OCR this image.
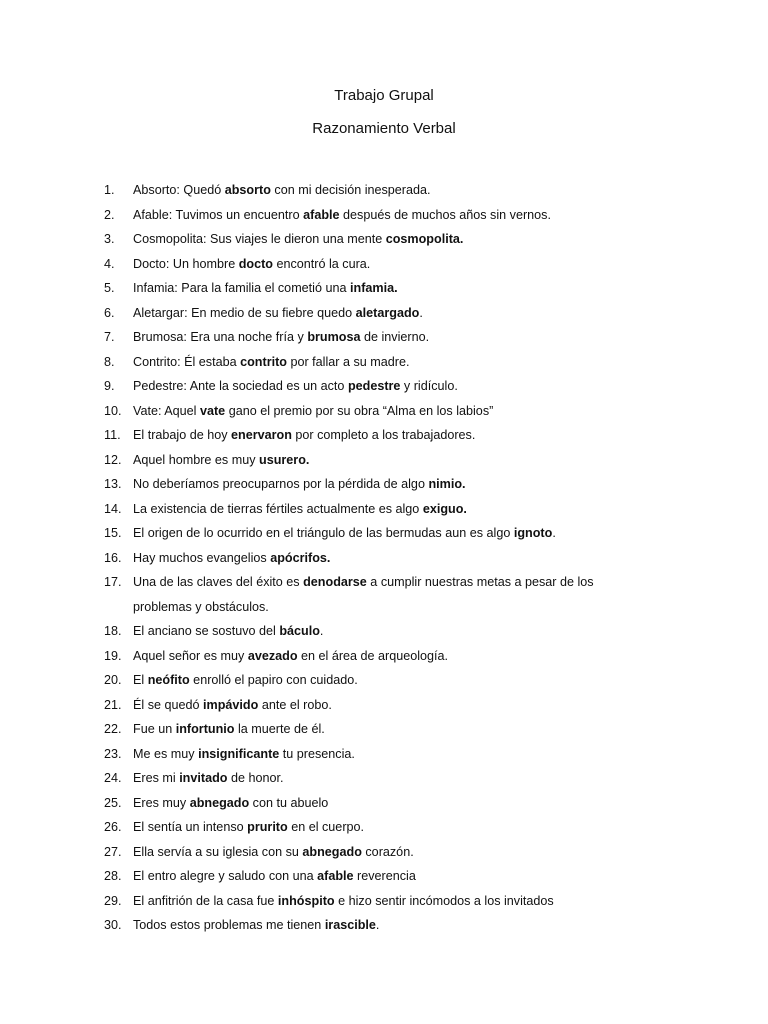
Trabajo Grupal
Razonamiento Verbal
1.	Absorto: Quedó absorto con mi decisión inesperada.
2.	Afable: Tuvimos un encuentro afable después de muchos años sin vernos.
3.	Cosmopolita: Sus viajes le dieron una mente cosmopolita.
4.	Docto: Un hombre docto encontró la cura.
5.	Infamia: Para la familia el cometió una infamia.
6.	Aletargar: En medio de su fiebre quedo aletargado.
7.	Brumosa: Era una noche fría y brumosa de invierno.
8.	Contrito: Él estaba contrito por fallar a su madre.
9.	Pedestre: Ante la sociedad es un acto pedestre y ridículo.
10. Vate: Aquel vate gano el premio por su obra “Alma en los labios”
11. El trabajo de hoy enervaron por completo a los trabajadores.
12. Aquel hombre es muy usurero.
13. No deberíamos preocuparnos por la pérdida de algo nimio.
14. La existencia de tierras fértiles actualmente es algo exiguo.
15. El origen de lo ocurrido en el triángulo de las bermudas aun es algo ignoto.
16. Hay muchos evangelios apócrifos.
17. Una de las claves del éxito es denodarse a cumplir nuestras metas a pesar de los problemas y obstáculos.
18. El anciano se sostuvo del báculo.
19. Aquel señor es muy avezado en el área de arqueología.
20. El neófito enrolló el papiro con cuidado.
21. Él se quedó impávido ante el robo.
22. Fue un infortunio la muerte de él.
23. Me es muy insignificante tu presencia.
24. Eres mi invitado de honor.
25. Eres muy abnegado con tu abuelo
26. El sentía un intenso prurito en el cuerpo.
27. Ella servía a su iglesia con su abnegado corazón.
28. El entro alegre y saludo con una afable reverencia
29. El anfitrión de la casa fue inhóspito e hizo sentir incómodos a los invitados
30. Todos estos problemas me tienen irascible.
